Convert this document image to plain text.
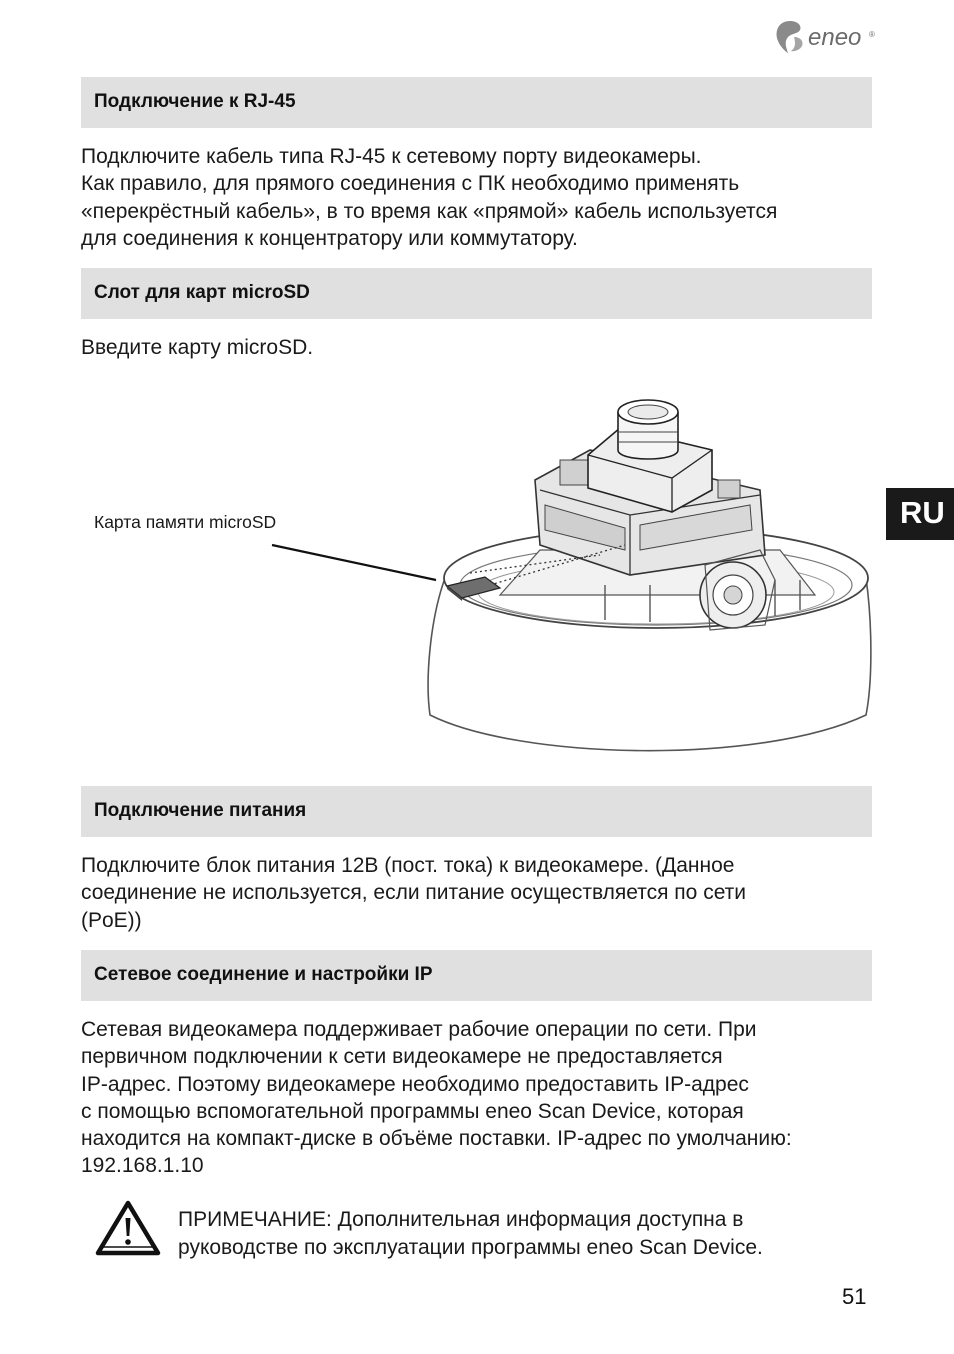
eneo ®
Подключение к RJ-45
Подключите кабель типа RJ-45 к сетевому порту видеокамеры.
Как правило, для прямого соединения с ПК необходимо применять
«перекрёстный кабель», в то время как «прямой» кабель используется
для соединения к концентратору или коммутатору.
Слот для карт microSD
Введите карту microSD.
RU
Карта памяти microSD
Подключение питания
Подключите блок питания 12В (пост. тока) к видеокамере. (Данное
соединение не используется, если питание осуществляется по сети
(PoE))
Сетевое соединение и настройки IP
Сетевая видеокамера поддерживает рабочие операции по сети. При
первичном подключении к сети видеокамере не предоставляется
IP-адрес. Поэтому видеокамере необходимо предоставить IP-адрес
с помощью вспомогательной программы eneo Scan Device, которая
находится на компакт-диске в объёме поставки. IP-адрес по умолчанию:
192.168.1.10
ПРИМЕЧАНИЕ: Дополнительная информация доступна в
руководстве по эксплуатации программы eneo Scan Device.
51
